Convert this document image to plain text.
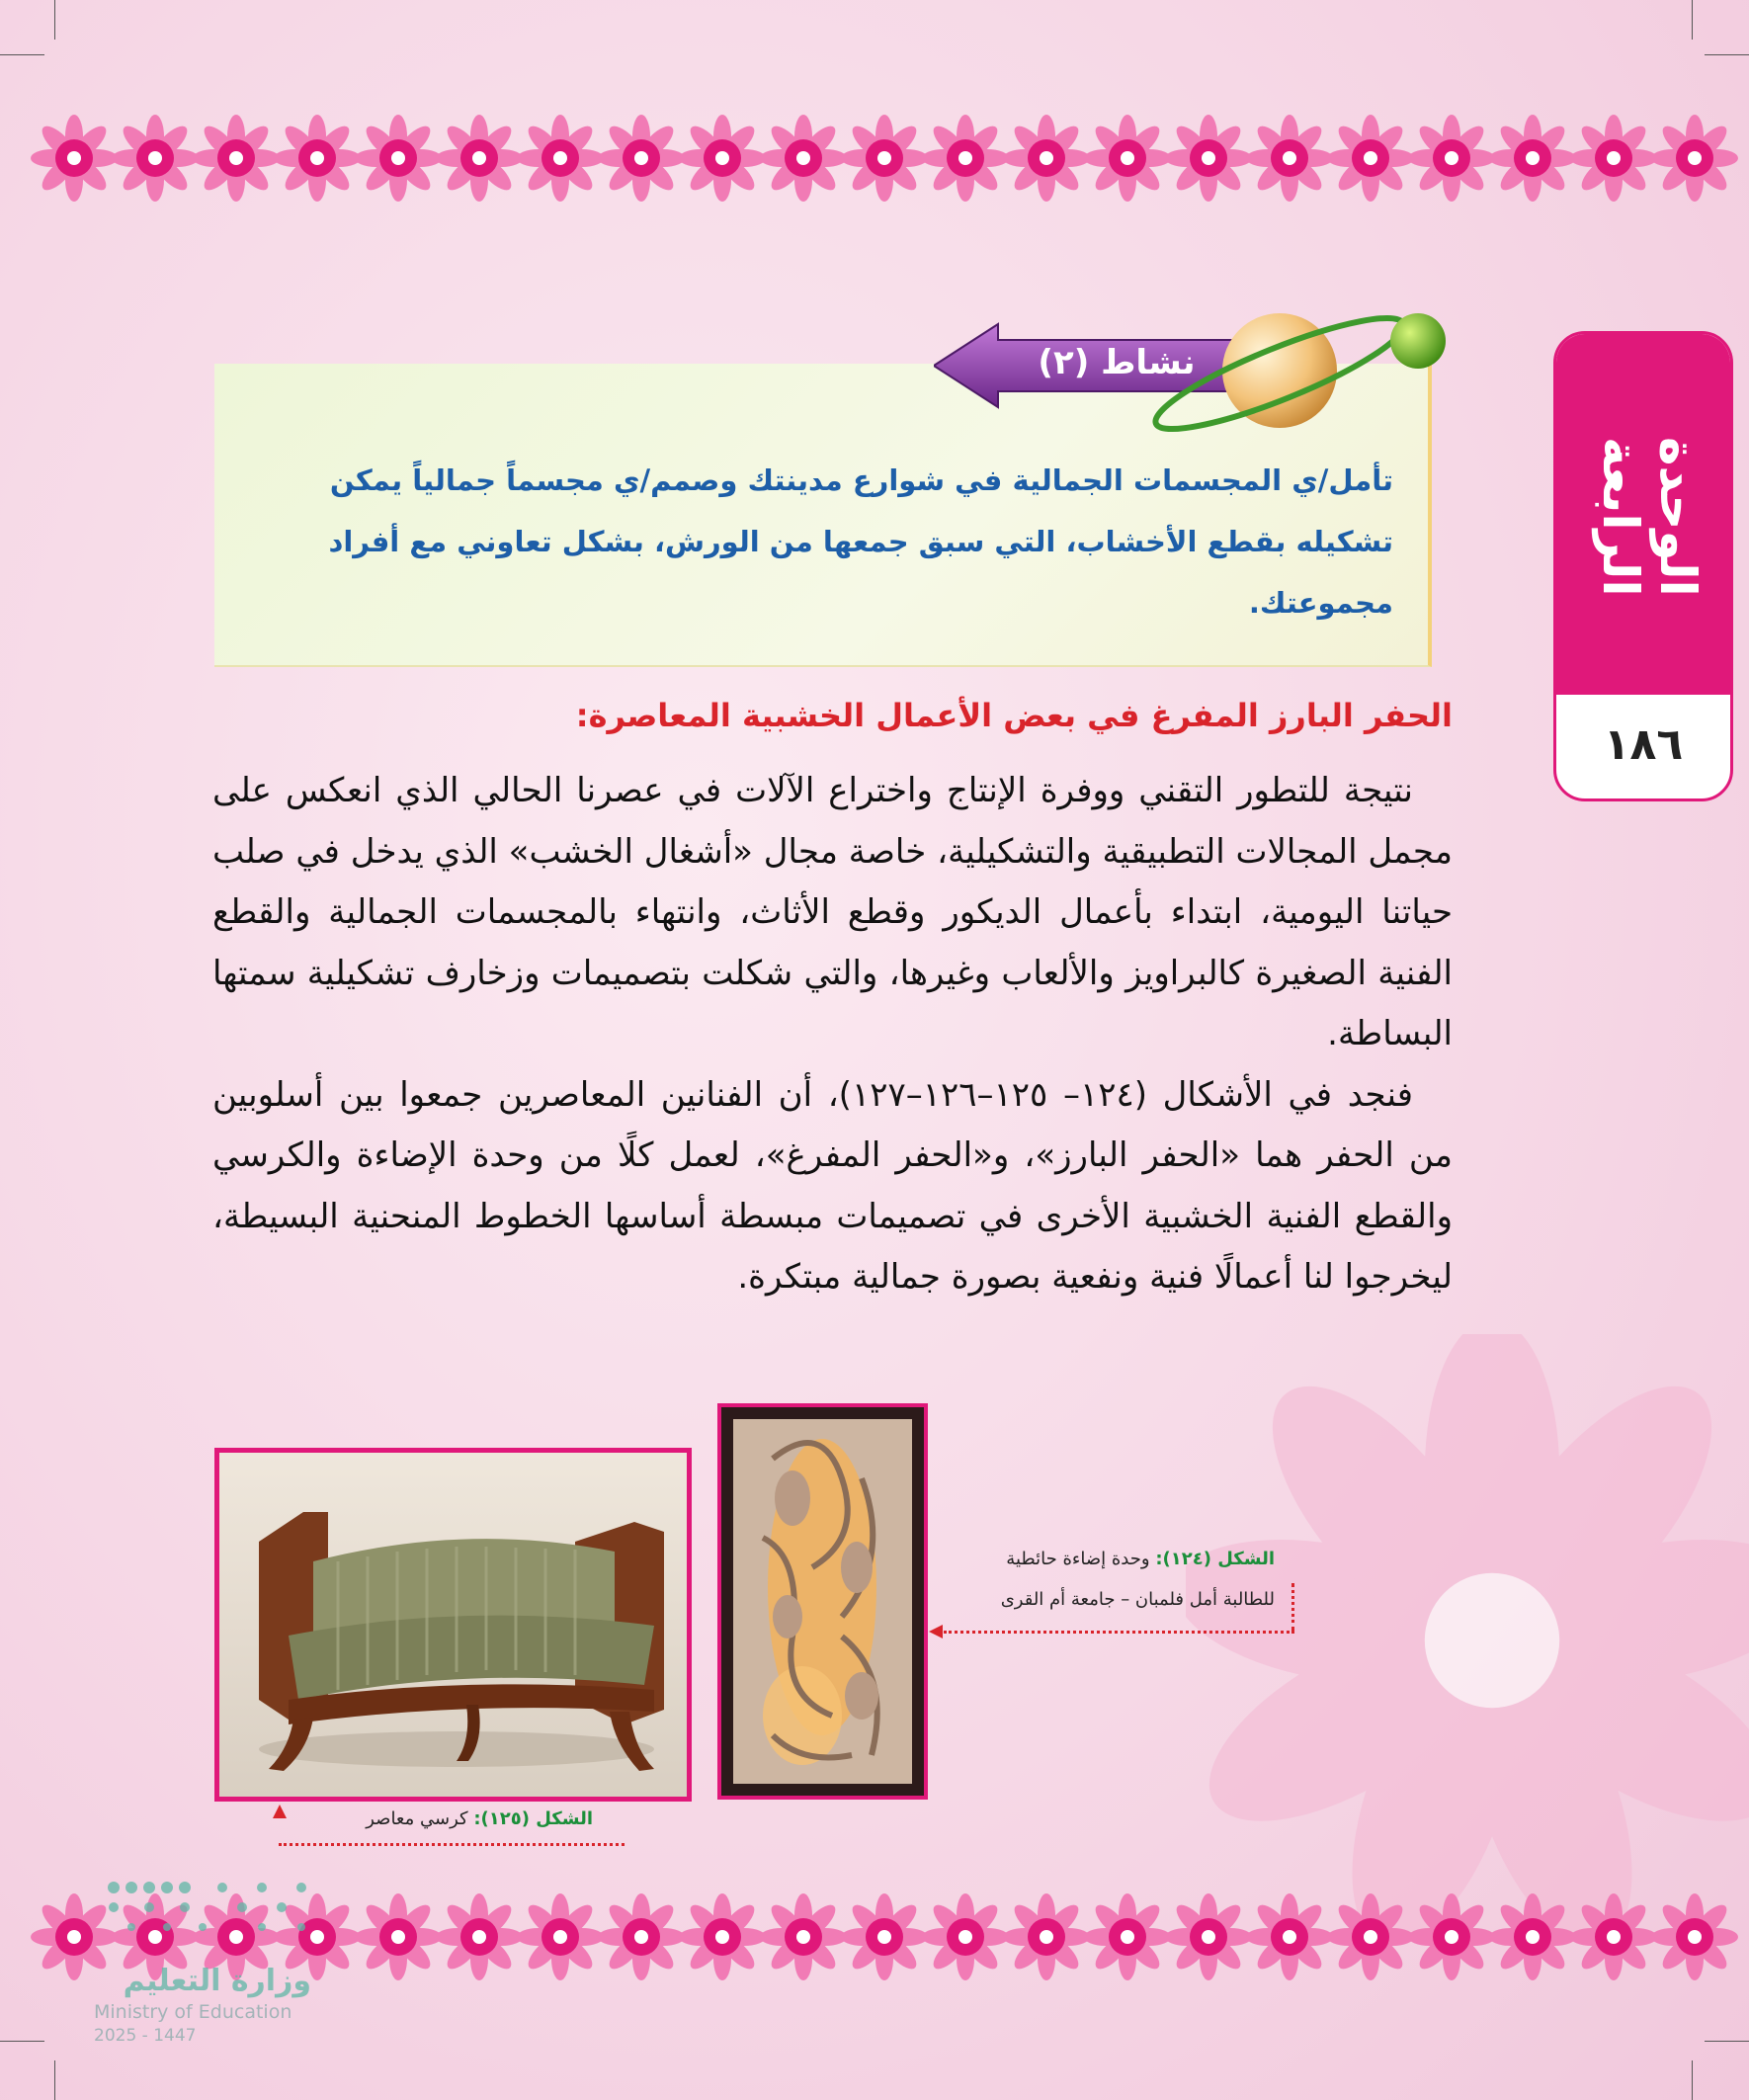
الوحدة الرابعة
١٨٦
نشاط (٢)
تأمل/ي المجسمات الجمالية في شوارع مدينتك وصمم/ي مجسماً جمالياً يمكن تشكيله بقطع الأخشاب، التي سبق جمعها من الورش، بشكل تعاوني مع أفراد مجموعتك.
الحفر البارز المفرغ في بعض الأعمال الخشبية المعاصرة:

نتيجة للتطور التقني ووفرة الإنتاج واختراع الآلات في عصرنا الحالي الذي انعكس على مجمل المجالات التطبيقية والتشكيلية، خاصة مجال «أشغال الخشب» الذي يدخل في صلب حياتنا اليومية، ابتداء بأعمال الديكور وقطع الأثاث، وانتهاء بالمجسمات الجمالية والقطع الفنية الصغيرة كالبراويز والألعاب وغيرها، والتي شكلت بتصميمات وزخارف تشكيلية سمتها البساطة.

فنجد في الأشكال (١٢٤– ١٢٥–١٢٦–١٢٧)، أن الفنانين المعاصرين جمعوا بين أسلوبين من الحفر هما «الحفر البارز»، و«الحفر المفرغ»، لعمل كلًا من وحدة الإضاءة والكرسي والقطع الفنية الخشبية الأخرى في تصميمات مبسطة أساسها الخطوط المنحنية البسيطة، ليخرجوا لنا أعمالًا فنية ونفعية بصورة جمالية مبتكرة.

الشكل (١٢٤): وحدة إضاءة حائطية
للطالبة أمل فلمبان – جامعة أم القرى
الشكل (١٢٥): كرسي معاصر
وزارة التعليم
Ministry of Education
2025 - 1447
